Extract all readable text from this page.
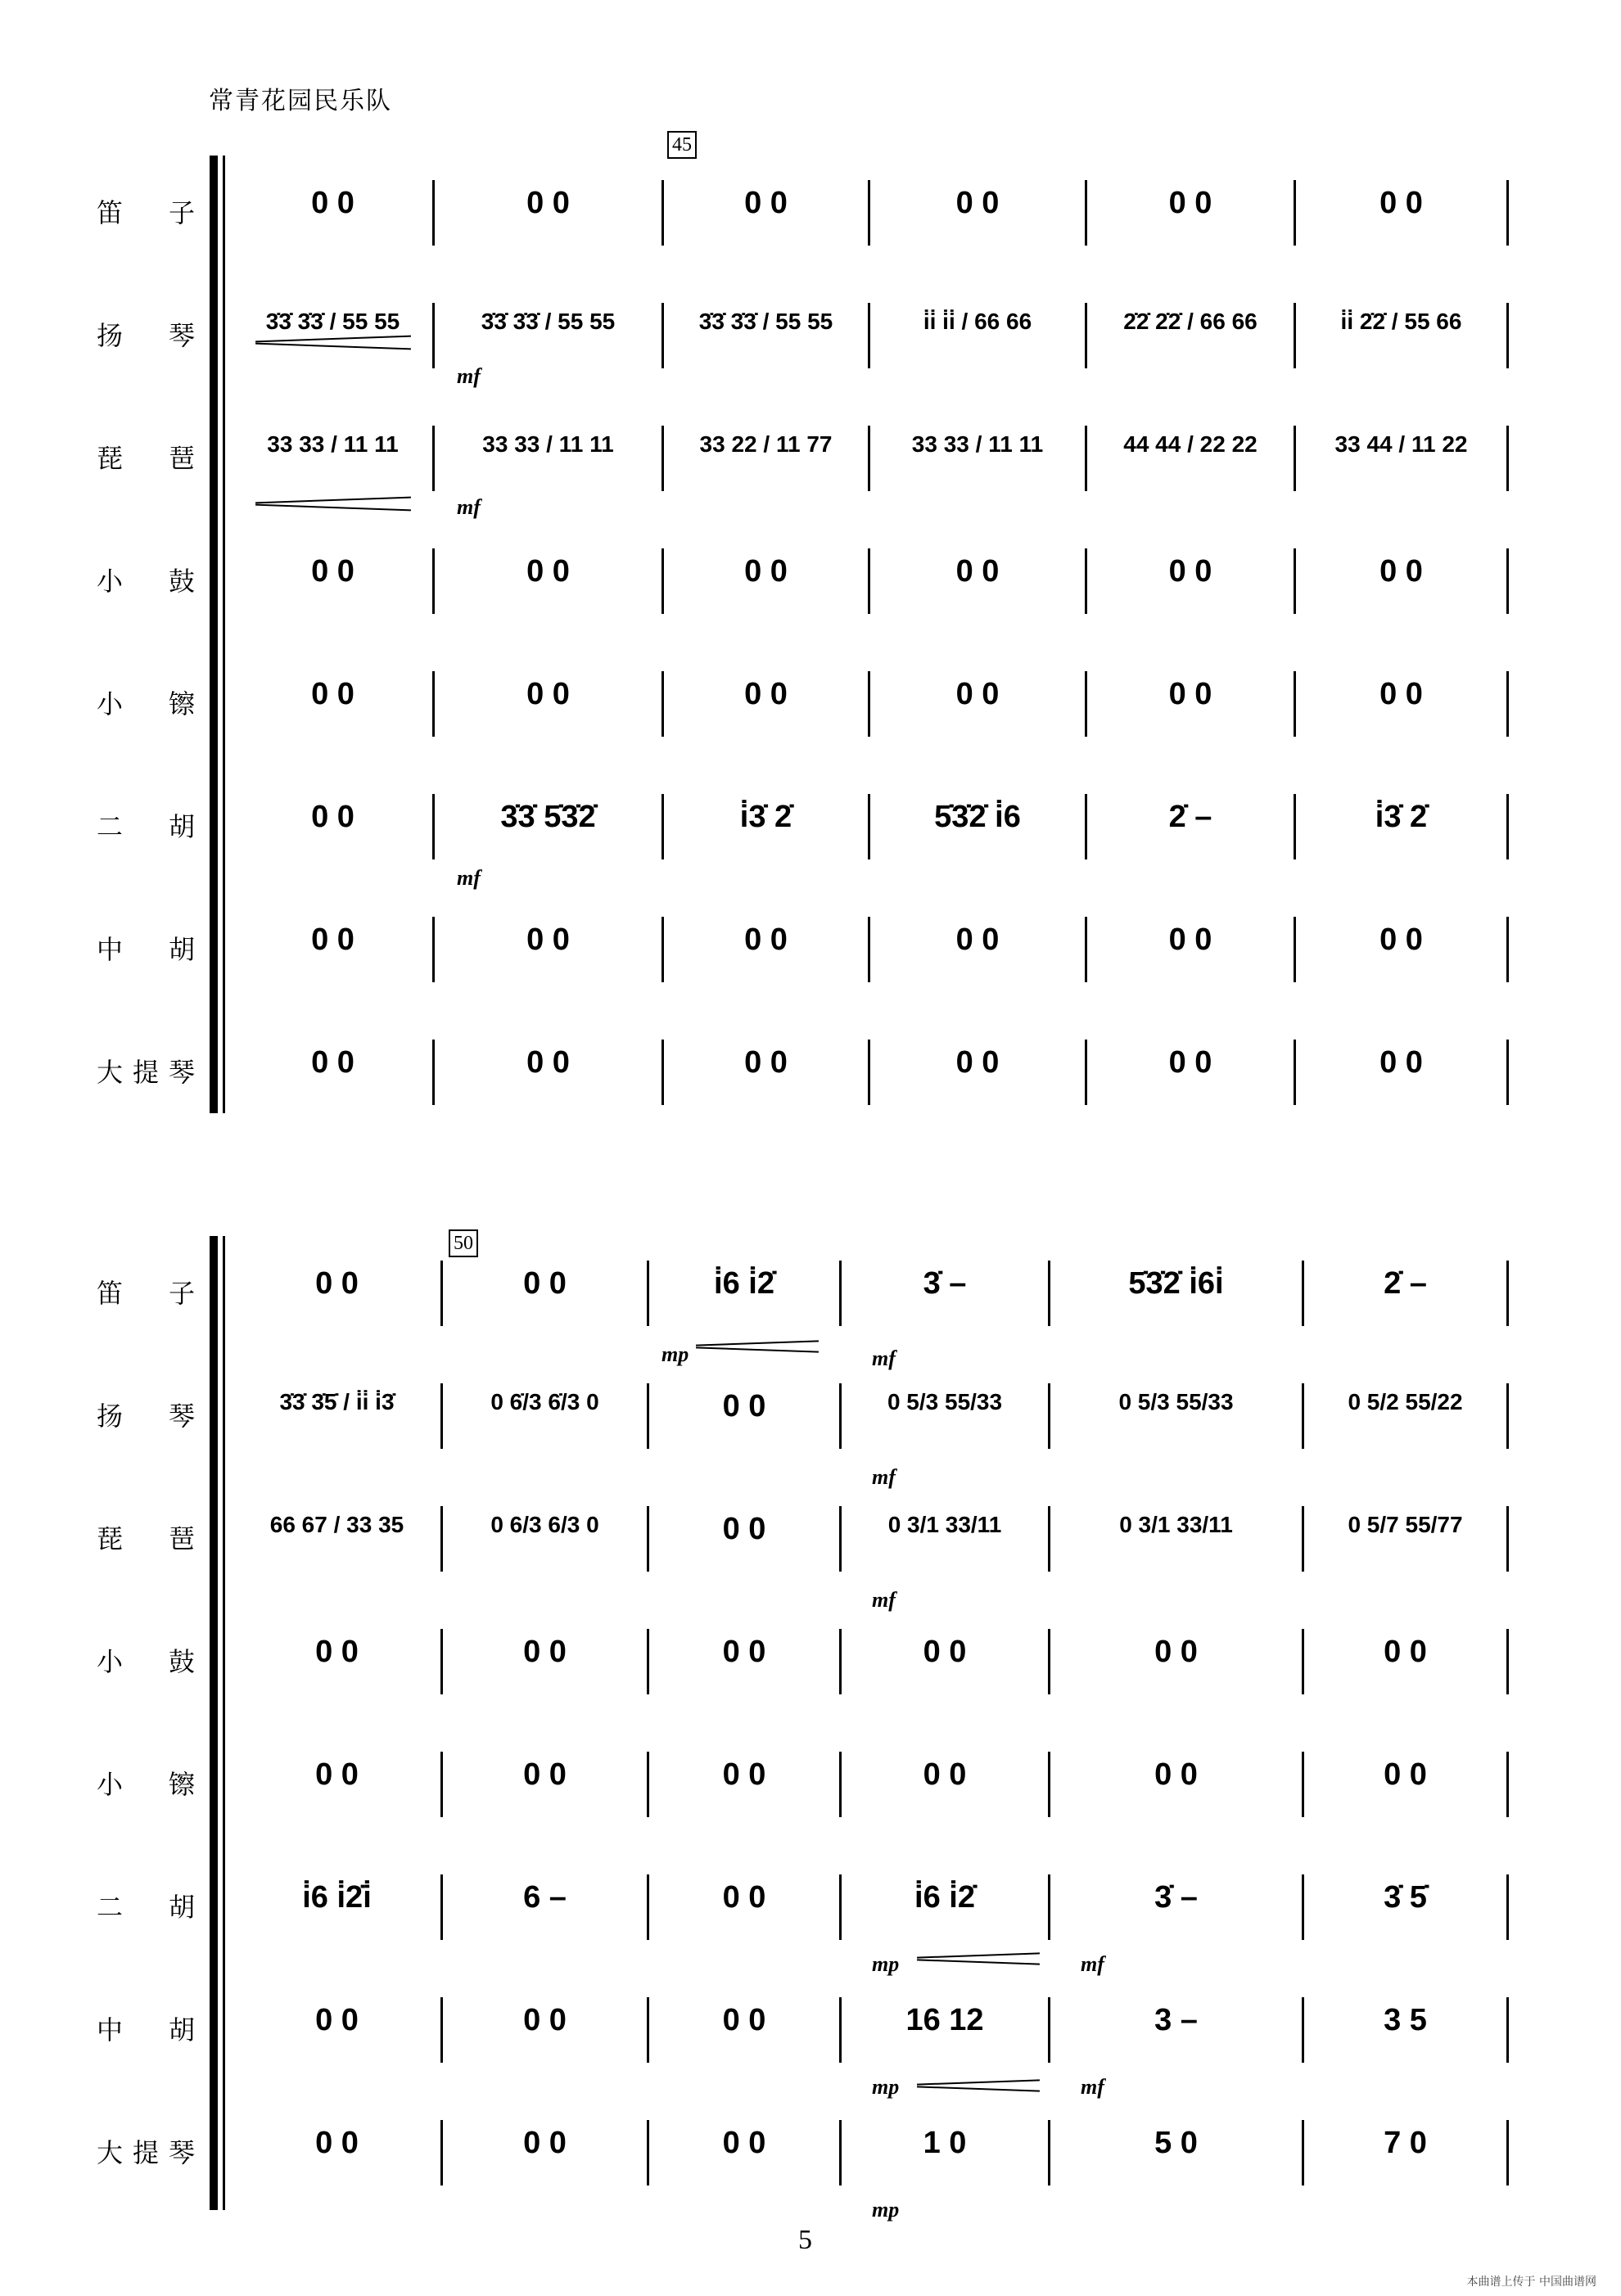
常青花园民乐队
45
50
笛子	0 0	0 0	0 0	0 0	0 0	0 0
扬琴	3̇3̇ 3̇3̇ / 55 55	3̇3̇ 3̇3̇ / 55 55	3̇3̇ 3̇3̇ / 55 55	i̇i̇ i̇i̇ / 66 66	2̇2̇ 2̇2̇ / 66 66	i̇i̇ 2̇2̇ / 55 66
琵琶	33 33 / 11 11	33 33 / 11 11	33 22 / 11 77	33 33 / 11 11	44 44 / 22 22	33 44 / 11 22
小鼓	0 0	0 0	0 0	0 0	0 0	0 0
小镲	0 0	0 0	0 0	0 0	0 0	0 0
二胡	0 0	3̇3̇ 5̇3̇2̇	i̇3̇ 2̇	5̇3̇2̇ i̇6	2̇ –	i̇3̇ 2̇
中胡	0 0	0 0	0 0	0 0	0 0	0 0
大提琴	0 0	0 0	0 0	0 0	0 0	0 0
笛子	0 0	0 0	i̇6 i̇2̇	3̇ –	5̇3̇2̇ i̇6i̇	2̇ –
扬琴	3̇3̇ 3̇5̇ / i̇i̇ i̇3̇	0 6̇/3 6̇/3 0	0 0	0 5/3 55/33	0 5/3 55/33	0 5/2 55/22
琵琶	66 67 / 33 35	0 6/3 6/3 0	0 0	0 3/1 33/11	0 3/1 33/11	0 5/7 55/77
小鼓	0 0	0 0	0 0	0 0	0 0	0 0
小镲	0 0	0 0	0 0	0 0	0 0	0 0
二胡	i̇6 i̇2̇i̇	6 –	0 0	i̇6 i̇2̇	3̇ –	3̇ 5̇
中胡	0 0	0 0	0 0	16 12	3 –	3 5
大提琴	0 0	0 0	0 0	1 0	5 0	7 0
mf
mf
mf
mp	mf
mf
mf
mp	mf
mp	mf
mp
5
本曲谱上传于 中国曲谱网
